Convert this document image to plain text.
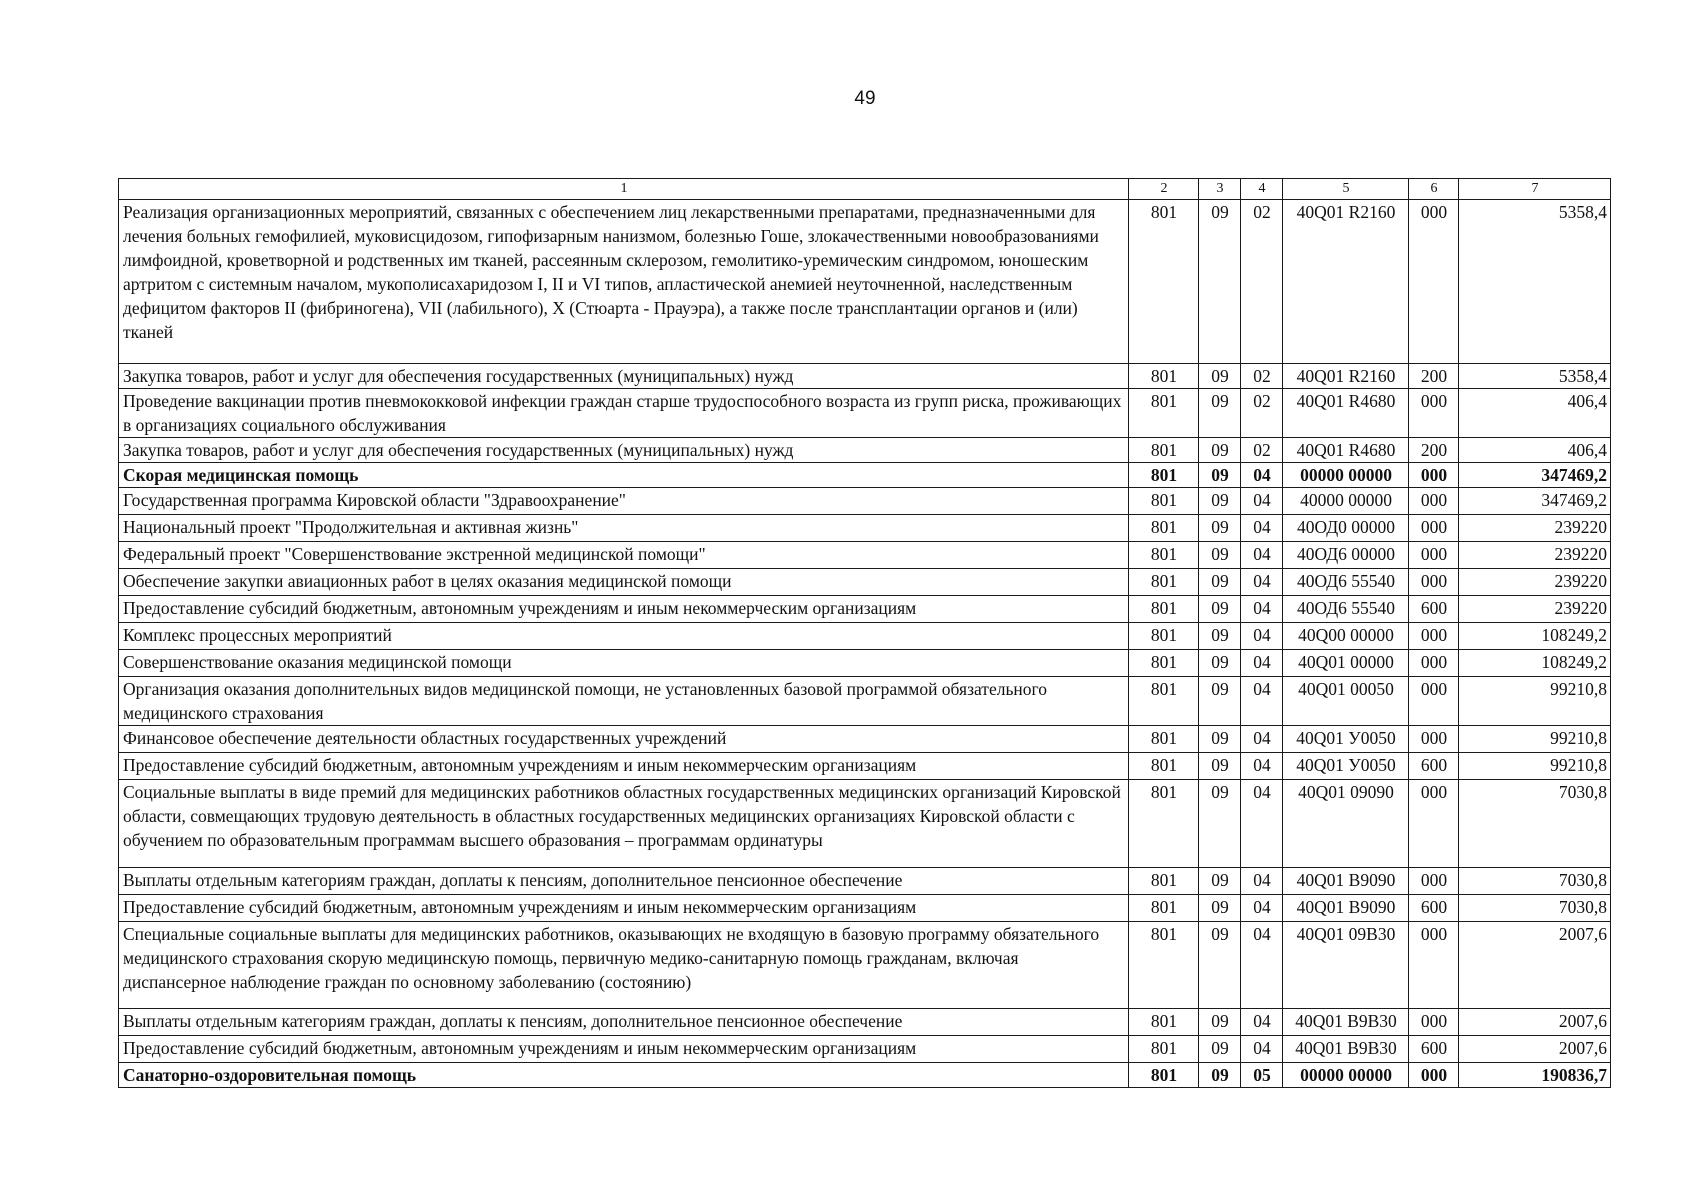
49
1	2	3	4	5	6	7
Реализация организационных мероприятий, связанных с обеспечением лиц лекарственными препаратами, предназначенными для лечения больных гемофилией, муковисцидозом, гипофизарным нанизмом, болезнью Гоше, злокачественными новообразованиями лимфоидной, кроветворной и родственных им тканей, рассеянным склерозом, гемолитико-уремическим синдромом, юношеским артритом с системным началом, мукополисахаридозом I, II и VI типов, апластической анемией неуточненной, наследственным дефицитом факторов II (фибриногена), VII (лабильного), X (Стюарта - Прауэра), а также после трансплантации органов и (или) тканей	801	09	02	40Q01 R2160	000	5358,4
Закупка товаров, работ и услуг для обеспечения государственных (муниципальных) нужд	801	09	02	40Q01 R2160	200	5358,4
Проведение вакцинации против пневмококковой инфекции граждан старше трудоспособного возраста из групп риска, проживающих в организациях социального обслуживания	801	09	02	40Q01 R4680	000	406,4
Закупка товаров, работ и услуг для обеспечения государственных (муниципальных) нужд	801	09	02	40Q01 R4680	200	406,4
Скорая медицинская помощь	801	09	04	00000 00000	000	347469,2
Государственная программа Кировской области "Здравоохранение"	801	09	04	40000 00000	000	347469,2
Национальный проект "Продолжительная и активная жизнь"	801	09	04	40ОД0 00000	000	239220
Федеральный проект "Совершенствование экстренной медицинской помощи"	801	09	04	40ОД6 00000	000	239220
Обеспечение закупки авиационных работ в целях оказания медицинской помощи	801	09	04	40ОД6 55540	000	239220
Предоставление субсидий бюджетным, автономным учреждениям и иным некоммерческим организациям	801	09	04	40ОД6 55540	600	239220
Комплекс процессных мероприятий	801	09	04	40Q00 00000	000	108249,2
Совершенствование оказания медицинской помощи	801	09	04	40Q01 00000	000	108249,2
Организация оказания дополнительных видов медицинской помощи, не установленных базовой программой обязательного медицинского страхования	801	09	04	40Q01 00050	000	99210,8
Финансовое обеспечение деятельности областных государственных учреждений	801	09	04	40Q01 У0050	000	99210,8
Предоставление субсидий бюджетным, автономным учреждениям и иным некоммерческим организациям	801	09	04	40Q01 У0050	600	99210,8
Социальные выплаты в виде премий для медицинских работников областных государственных медицинских организаций Кировской области, совмещающих трудовую деятельность в областных государственных медицинских организациях Кировской области с обучением по образовательным программам высшего образования – программам ординатуры	801	09	04	40Q01 09090	000	7030,8
Выплаты отдельным категориям граждан, доплаты к пенсиям, дополнительное пенсионное обеспечение	801	09	04	40Q01 B9090	000	7030,8
Предоставление субсидий бюджетным, автономным учреждениям и иным некоммерческим организациям	801	09	04	40Q01 B9090	600	7030,8
Специальные социальные выплаты для медицинских работников, оказывающих не входящую в базовую программу обязательного медицинского страхования скорую медицинскую помощь, первичную медико-санитарную помощь гражданам, включая диспансерное наблюдение граждан по основному заболеванию (состоянию)	801	09	04	40Q01 09B30	000	2007,6
Выплаты отдельным категориям граждан, доплаты к пенсиям, дополнительное пенсионное обеспечение	801	09	04	40Q01 B9B30	000	2007,6
Предоставление субсидий бюджетным, автономным учреждениям и иным некоммерческим организациям	801	09	04	40Q01 B9B30	600	2007,6
Санаторно-оздоровительная помощь	801	09	05	00000 00000	000	190836,7
